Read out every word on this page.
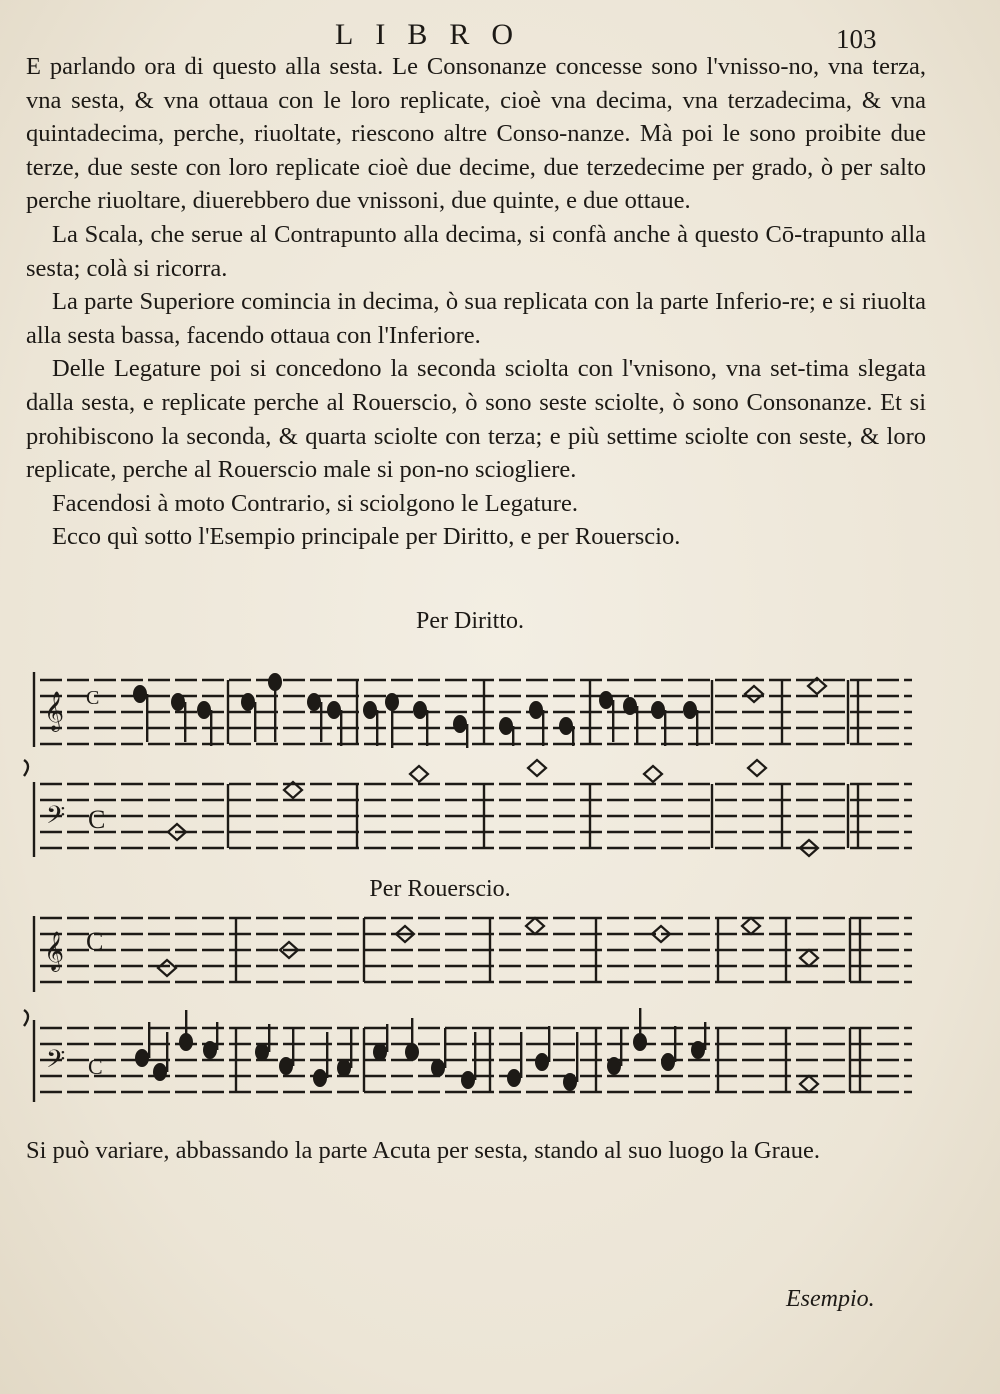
LIBRO	103

E parlando ora di questo alla sesta. Le Consonanze concesse sono l'vnisso-no, vna terza, vna sesta, & vna ottaua con le loro replicate, cioè vna decima, vna terzadecima, & vna quintadecima, perche, riuoltate, riescono altre Conso-nanze. Mà poi le sono proibite due terze, due seste con loro replicate cioè due decime, due terzedecime per grado, ò per salto perche riuoltare, diuerebbero due vnissoni, due quinte, e due ottaue.

La Scala, che serue al Contrapunto alla decima, si confà anche à questo Cō-trapunto alla sesta; colà si ricorra.

La parte Superiore comincia in decima, ò sua replicata con la parte Inferio-re; e si riuolta alla sesta bassa, facendo ottaua con l'Inferiore.

Delle Legature poi si concedono la seconda sciolta con l'vnisono, vna set-tima slegata dalla sesta, e replicate perche al Rouerscio, ò sono seste sciolte, ò sono Consonanze. Et si prohibiscono la seconda, & quarta sciolte con terza; e più settime sciolte con seste, & loro replicate, perche al Rouerscio male si pon-no sciogliere.

Facendosi à moto Contrario, si sciolgono le Legature.

Ecco quì sotto l'Esempio principale per Diritto, e per Rouerscio.

Per Diritto.
𝄞 C
𝄢 C
Per Rouerscio.
𝄞 C
𝄢 C
Si può variare, abbassando la parte Acuta per sesta, stando al suo luogo la Graue.
Esempio.
